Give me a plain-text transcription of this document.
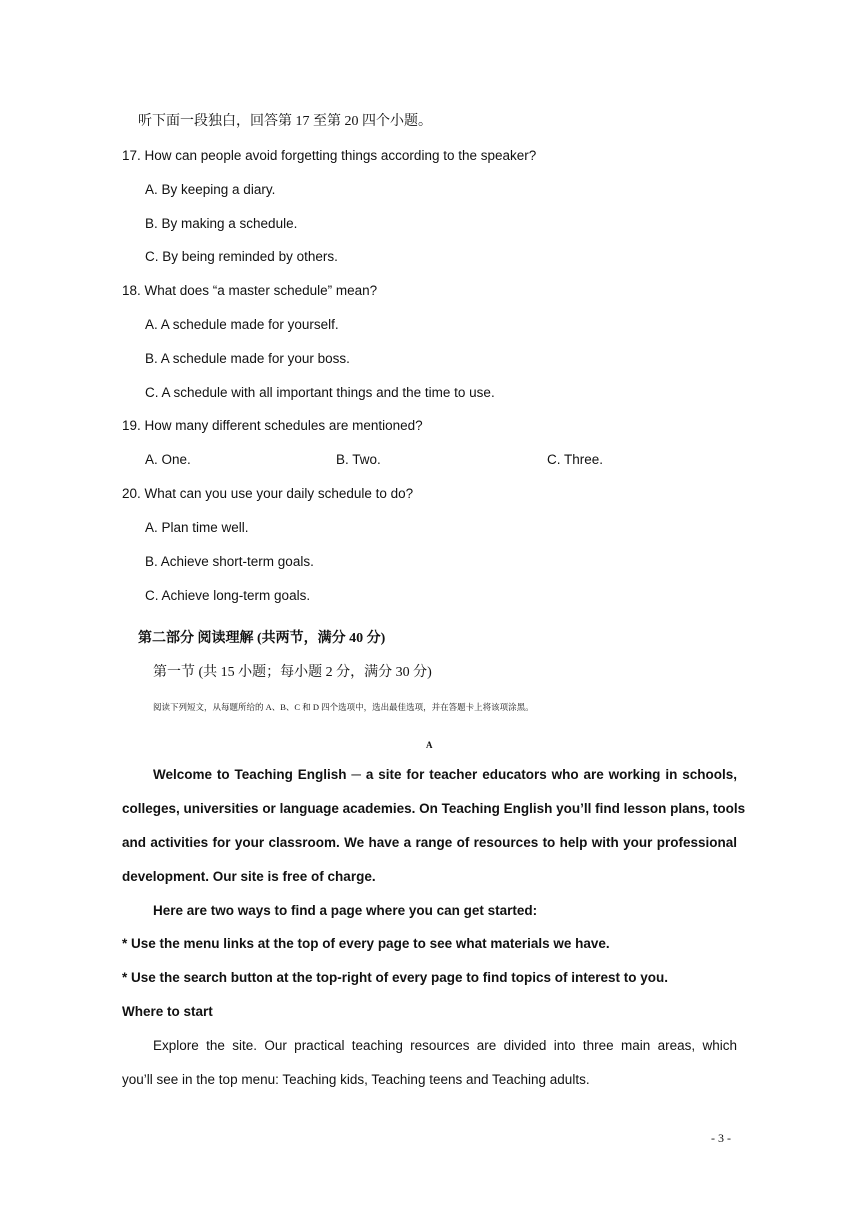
听下面一段独白，回答第 17 至第 20 四个小题。
17. How can people avoid forgetting things according to the speaker?
A. By keeping a diary.
B. By making a schedule.
C. By being reminded by others.
18. What does “a master schedule” mean?
A. A schedule made for yourself.
B. A schedule made for your boss.
C. A schedule with all important things and the time to use.
19. How many different schedules are mentioned?
A. One.	B. Two.	C. Three.
20. What can you use your daily schedule to do?
A. Plan time well.
B. Achieve short-term goals.
C. Achieve long-term goals.
第二部分 阅读理解 (共两节，满分 40 分)
第一节 (共 15 小题；每小题 2 分，满分 30 分)
阅读下列短文，从每题所给的 A、B、C 和 D 四个选项中，选出最佳选项，并在答题卡上将该项涂黑。
A
Welcome to Teaching English ─ a site for teacher educators who are working in schools,
colleges, universities or language academies. On Teaching English you’ll find lesson plans, tools
and activities for your classroom. We have a range of resources to help with your professional
development. Our site is free of charge.
Here are two ways to find a page where you can get started:
* Use the menu links at the top of every page to see what materials we have.
* Use the search button at the top-right of every page to find topics of interest to you.
Where to start
Explore the site. Our practical teaching resources are divided into three main areas, which
you’ll see in the top menu: Teaching kids, Teaching teens and Teaching adults.
- 3 -
